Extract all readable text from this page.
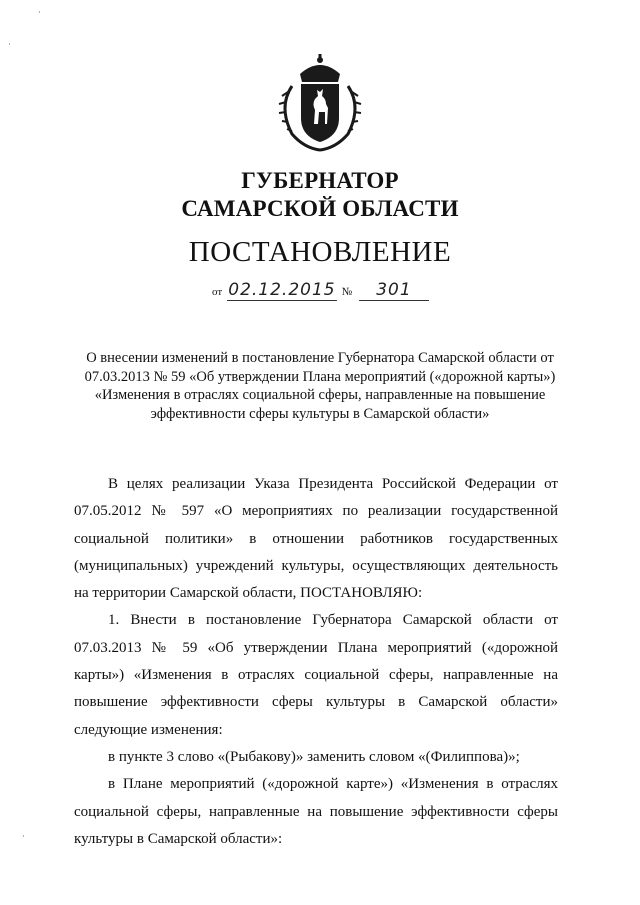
·
·
ГУБЕРНАТОР
САМАРСКОЙ ОБЛАСТИ
ПОСТАНОВЛЕНИЕ
от 02.12.2015 № 301
О внесении изменений в постановление Губернатора Самарской области от 07.03.2013 № 59 «Об утверждении Плана мероприятий («дорожной карты») «Изменения в отраслях социальной сферы, направленные на повышение эффективности сферы культуры в Самарской области»

В целях реализации Указа Президента Российской Федерации от 07.05.2012 № 597 «О мероприятиях по реализации государственной социальной политики» в отношении работников государственных (муниципальных) учреждений культуры, осуществляющих деятельность на территории Самарской области, ПОСТАНОВЛЯЮ:

1. Внести в постановление Губернатора Самарской области от 07.03.2013 № 59 «Об утверждении Плана мероприятий («дорожной карты») «Изменения в отраслях социальной сферы, направленные на повышение эффективности сферы культуры в Самарской области» следующие изменения:

в пункте 3 слово «(Рыбакову)» заменить словом «(Филиппова)»;

в Плане мероприятий («дорожной карте») «Изменения в отраслях социальной сферы, направленные на повышение эффективности сферы культуры в Самарской области»:

·
